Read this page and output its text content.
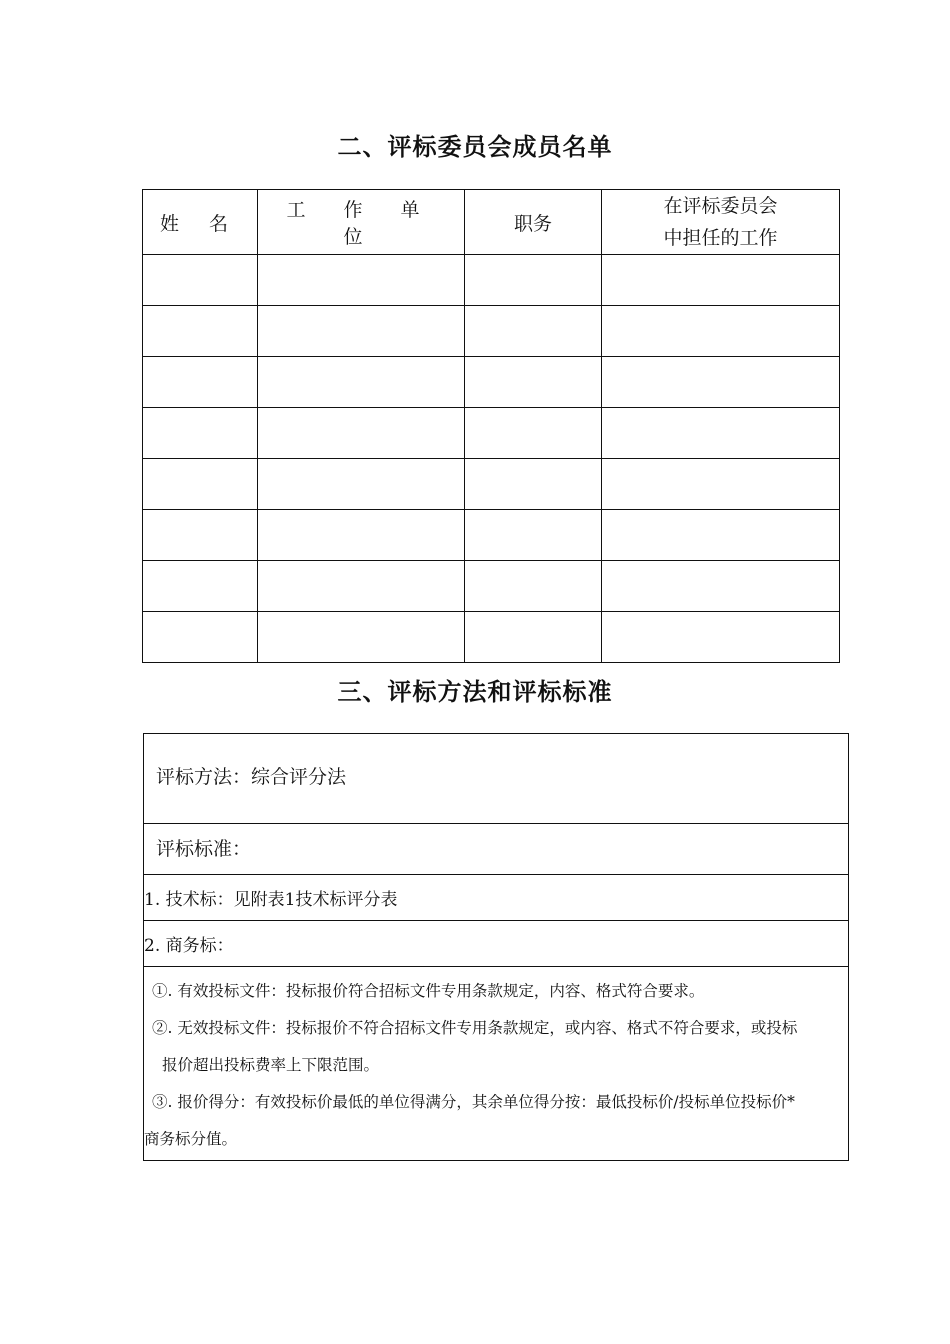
二、评标委员会成员名单
姓 名	工 作 单 位	职务	在评标委员会
中担任的工作

三、评标方法和评标标准
评标方法：综合评分法
评标标准：
1. 技术标：见附表1技术标评分表
2. 商务标：

①. 有效投标文件：投标报价符合招标文件专用条款规定，内容、格式符合要求。

②. 无效投标文件：投标报价不符合招标文件专用条款规定，或内容、格式不符合要求，或投标

报价超出投标费率上下限范围。

③. 报价得分：有效投标价最低的单位得满分，其余单位得分按：最低投标价/投标单位投标价*

商务标分值。
